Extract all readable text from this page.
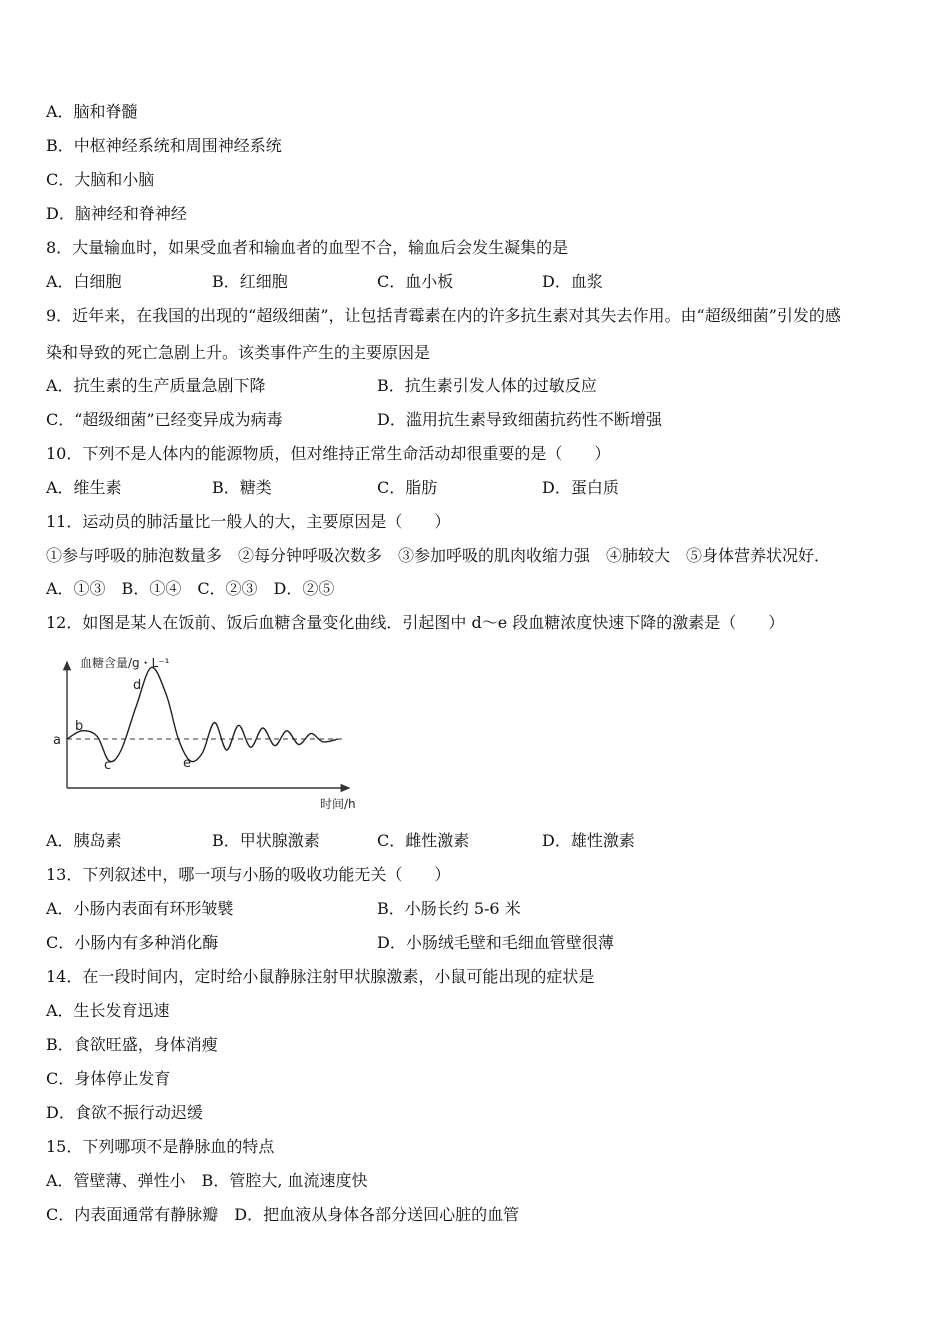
A．脑和脊髓
B．中枢神经系统和周围神经系统
C．大脑和小脑
D．脑神经和脊神经
8．大量输血时，如果受血者和输血者的血型不合，输血后会发生凝集的是
A．白细胞	B．红细胞	C．血小板	D．血浆
9．近年来，在我国的出现的“超级细菌”，让包括青霉素在内的许多抗生素对其失去作用。由“超级细菌”引发的感
染和导致的死亡急剧上升。该类事件产生的主要原因是
A．抗生素的生产质量急剧下降	B．抗生素引发人体的过敏反应
C．“超级细菌”已经变异成为病毒	D．滥用抗生素导致细菌抗药性不断增强
10．下列不是人体内的能源物质，但对维持正常生命活动却很重要的是（　　）
A．维生素	B．糖类	C．脂肪	D．蛋白质
11．运动员的肺活量比一般人的大，主要原因是（　　）
①参与呼吸的肺泡数量多　②每分钟呼吸次数多　③参加呼吸的肌肉收缩力强　④肺较大　⑤身体营养状况好．
A．①③　B．①④　C．②③　D．②⑤
12．如图是某人在饭前、饭后血糖含量变化曲线．引起图中 d～e 段血糖浓度快速下降的激素是（　　）
血糖含量/g・L⁻¹
时间/h
a
b
c
d
e
A．胰岛素	B．甲状腺激素	C．雌性激素	D．雄性激素
13．下列叙述中，哪一项与小肠的吸收功能无关（　　）
A．小肠内表面有环形皱襞	B．小肠长约 5-6 米
C．小肠内有多种消化酶	D．小肠绒毛壁和毛细血管壁很薄
14．在一段时间内，定时给小鼠静脉注射甲状腺激素，小鼠可能出现的症状是
A．生长发育迅速
B．食欲旺盛，身体消瘦
C．身体停止发育
D．食欲不振行动迟缓
15．下列哪项不是静脉血的特点
A．管壁薄、弹性小　B．管腔大, 血流速度快
C．内表面通常有静脉瓣　D．把血液从身体各部分送回心脏的血管
